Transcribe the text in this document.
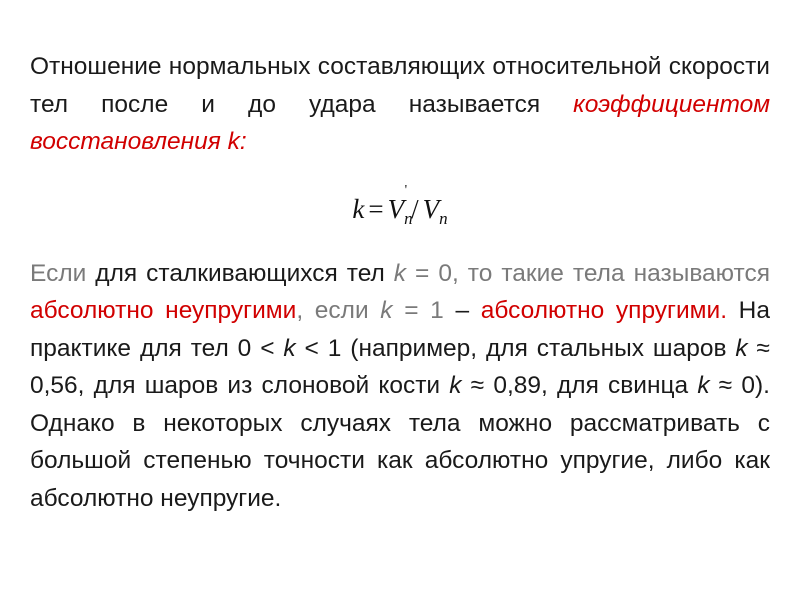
Отношение нормальных составляющих относительной скорости тел после и до удара называется коэффициентом восстановления k:

$k = V_n'/$ $V_n$

Если для сталкивающихся тел k = 0, то такие тела называются абсолютно неупругими, если k = 1 – абсолютно упругими. На практике для тел 0 < k < 1 (например, для стальных шаров k ≈ 0,56, для шаров из слоновой кости k ≈ 0,89, для свинца k ≈ 0). Однако в некоторых случаях тела можно рассматривать с большой степенью точности как абсолютно упругие, либо как абсолютно неупругие.
